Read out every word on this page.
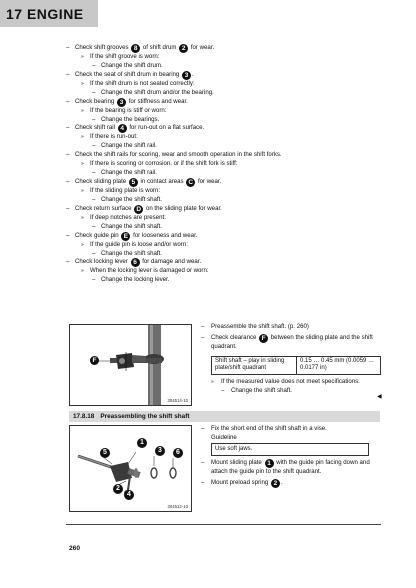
17 ENGINE
– Check shift grooves 8 of shift drum 2 for wear.
» If the shift groove is worn:
– Change the shift drum.
– Check the seat of shift drum in bearing 3 .
» If the shift drum is not seated correctly:
– Change the shift drum and/or the bearing.
– Check bearing 3 for stiffness and wear.
» If the bearing is stiff or worn:
– Change the bearings.
– Check shift rail 4 for run-out on a flat surface.
» If there is run-out:
– Change the shift rail.
– Check the shift rails for scoring, wear and smooth operation in the shift forks.
» If there is scoring or corrosion, or if the shift fork is stiff:
– Change the shift rail.
– Check sliding plate 5 in contact areas C for wear.
» If the sliding plate is worn:
– Change the shift shaft.
– Check return surface D on the sliding plate for wear.
» If deep notches are present:
– Change the shift shaft.
– Check guide pin E for looseness and wear.
» If the guide pin is loose and/or worn:
– Change the shift shaft.
– Check locking lever 6 for damage and wear.
» When the locking lever is damaged or worn:
– Change the locking lever.
F
304514-10
– Preassemble the shift shaft. (p. 260)
– Check clearance F between the sliding plate and the shift quadrant.
Shift shaft – play in sliding plate/shift quadrant	0.15 … 0.45 mm (0.0059 … 0.0177 in)
» If the measured value does not meet specifications:
– Change the shift shaft.
◀
17.8.18 Preassembling the shift shaft
1
3	6
5
2
4
304512-10
– Fix the short end of the shift shaft in a vise.
Guideline
Use soft jaws.
– Mount sliding plate 1 with the guide pin facing down and attach the guide pin to the shift quadrant.
– Mount preload spring 2 .
260
